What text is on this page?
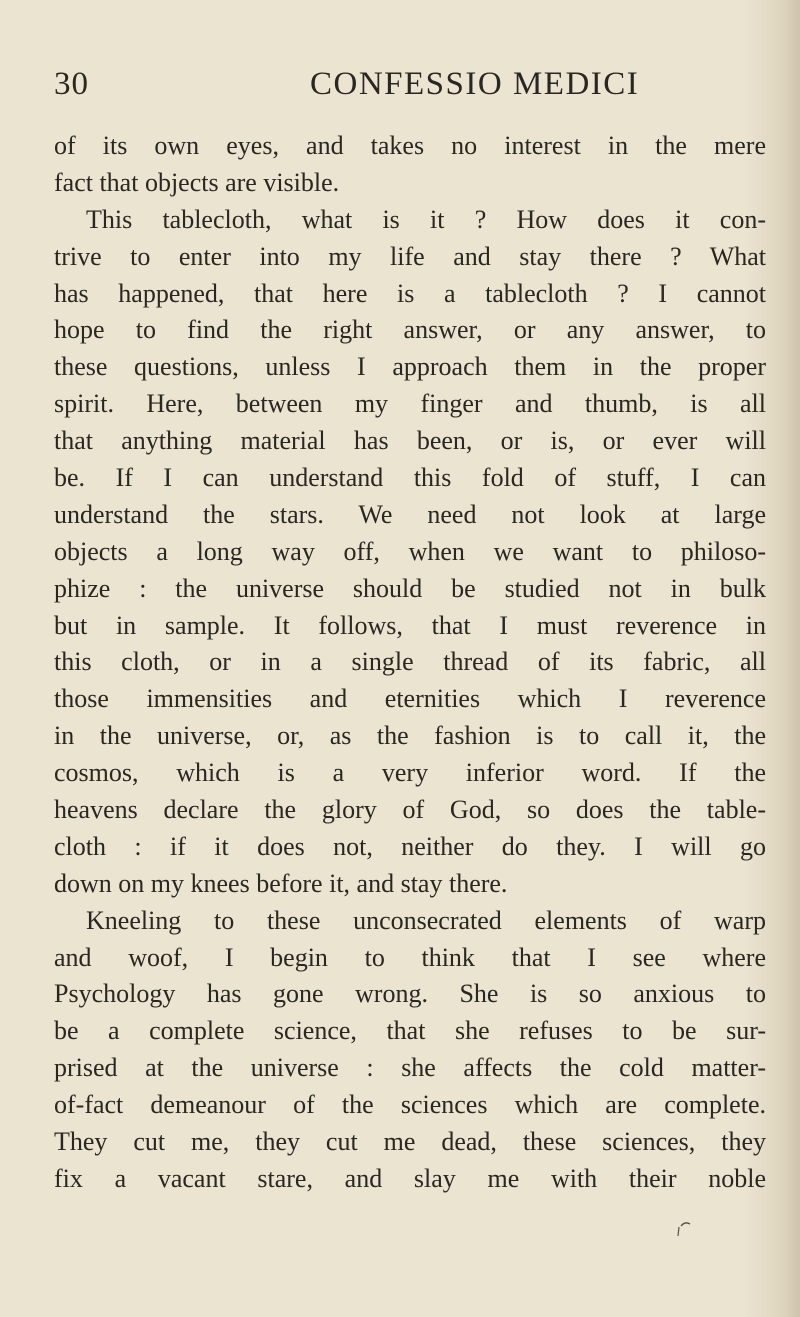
30	CONFESSIO MEDICI
of its own eyes, and takes no interest in the mere
fact that objects are visible.
This tablecloth, what is it ? How does it con-
trive to enter into my life and stay there ? What
has happened, that here is a tablecloth ? I cannot
hope to find the right answer, or any answer, to
these questions, unless I approach them in the proper
spirit. Here, between my finger and thumb, is all
that anything material has been, or is, or ever will
be. If I can understand this fold of stuff, I can
understand the stars. We need not look at large
objects a long way off, when we want to philoso-
phize : the universe should be studied not in bulk
but in sample. It follows, that I must reverence in
this cloth, or in a single thread of its fabric, all
those immensities and eternities which I reverence
in the universe, or, as the fashion is to call it, the
cosmos, which is a very inferior word. If the
heavens declare the glory of God, so does the table-
cloth : if it does not, neither do they. I will go
down on my knees before it, and stay there.
Kneeling to these unconsecrated elements of warp
and woof, I begin to think that I see where
Psychology has gone wrong. She is so anxious to
be a complete science, that she refuses to be sur-
prised at the universe : she affects the cold matter-
of-fact demeanour of the sciences which are complete.
They cut me, they cut me dead, these sciences, they
fix a vacant stare, and slay me with their noble
